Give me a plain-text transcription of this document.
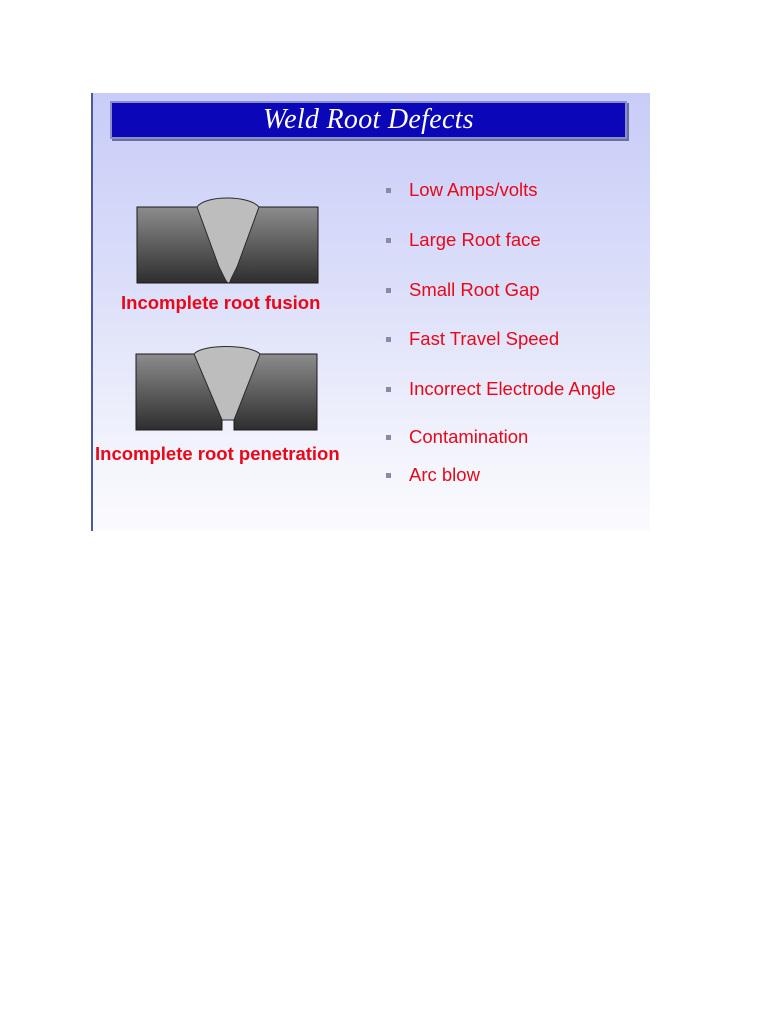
Weld Root Defects
Incomplete root fusion
Incomplete root penetration
Low Amps/volts
Large Root face
Small Root Gap
Fast Travel Speed
Incorrect Electrode Angle
Contamination
Arc blow
